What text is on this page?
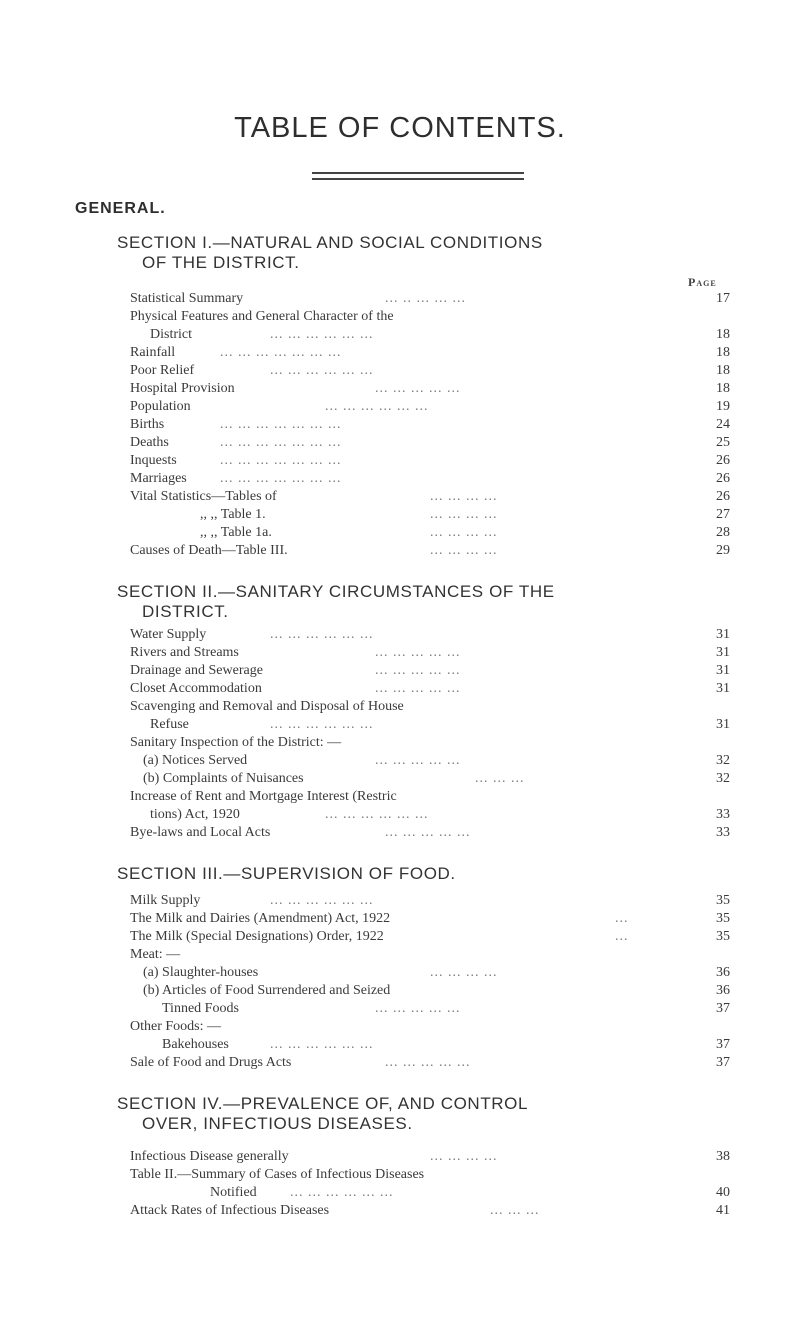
TABLE OF CONTENTS.
GENERAL.
SECTION I.—NATURAL AND SOCIAL CONDITIONS
OF THE DISTRICT.
Page
Statistical Summary	... .. ... ... ...	17
Physical Features and General Character of the
District	... ... ... ... ... ...	18
Rainfall	... ... ... ... ... ... ...	18
Poor Relief	... ... ... ... ... ...	18
Hospital Provision	... ... ... ... ...	18
Population	... ... ... ... ... ...	19
Births	... ... ... ... ... ... ...	24
Deaths	... ... ... ... ... ... ...	25
Inquests	... ... ... ... ... ... ...	26
Marriages ... ... ... ... ... ... ...	26
Vital Statistics—Tables of	... ... ... ...	26
,, ,, Table 1.	... ... ... ...	27
,, ,, Table 1a.	... ... ... ...	28
Causes of Death—Table III.	... ... ... ...	29
SECTION II.—SANITARY CIRCUMSTANCES OF THE
DISTRICT.
Water Supply	... ... ... ... ... ...	31
Rivers and Streams	... ... ... ... ...	31
Drainage and Sewerage	... ... ... ... ...	31
Closet Accommodation	... ... ... ... ...	31
Scavenging and Removal and Disposal of House
Refuse	... ... ... ... ... ...	31
Sanitary Inspection of the District: —
(a) Notices Served	... ... ... ... ...	32
(b) Complaints of Nuisances	... ... ...	32
Increase of Rent and Mortgage Interest (Restric
tions) Act, 1920	... ... ... ... ... ...	33
Bye-laws and Local Acts	... ... ... ... ...	33
SECTION III.—SUPERVISION OF FOOD.
Milk Supply	... ... ... ... ... ...	35
The Milk and Dairies (Amendment) Act, 1922	...	35
The Milk (Special Designations) Order, 1922	...	35
Meat: —
(a) Slaughter-houses	... ... ... ...	36
(b) Articles of Food Surrendered and Seized	36
Tinned Foods	... ... ... ... ...	37
Other Foods: —
Bakehouses	... ... ... ... ... ...	37
Sale of Food and Drugs Acts	... ... ... ... ...	37
SECTION IV.—PREVALENCE OF, AND CONTROL
OVER, INFECTIOUS DISEASES.
Infectious Disease generally	... ... ... ...	38
Table II.—Summary of Cases of Infectious Diseases
Notified ... ... ... ... ... ...	40
Attack Rates of Infectious Diseases	... ... ...	41
